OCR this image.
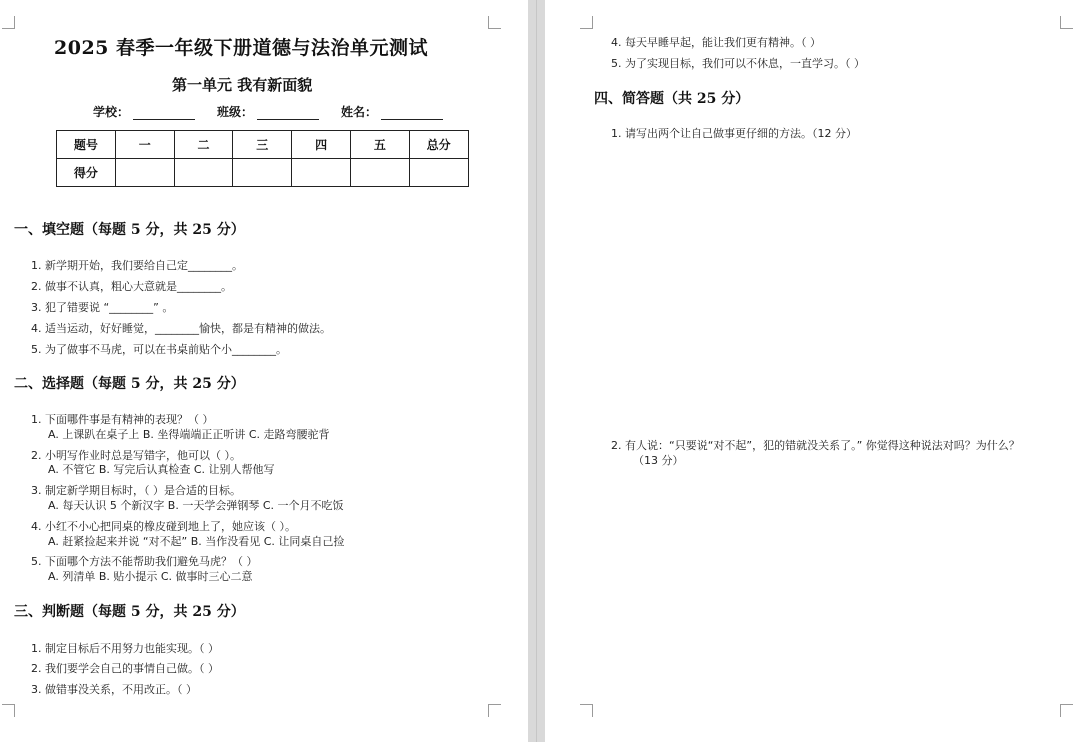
2025 春季一年级下册道德与法治单元测试
第一单元 我有新面貌
学校：	班级：	姓名：
题号	一	二	三	四	五	总分
得分						
一、填空题（每题 5 分，共 25 分）
1. 新学期开始，我们要给自己定________。
2. 做事不认真，粗心大意就是________。
3. 犯了错要说 “________” 。
4. 适当运动，好好睡觉，________愉快，都是有精神的做法。
5. 为了做事不马虎，可以在书桌前贴个小________。
二、选择题（每题 5 分，共 25 分）
1. 下面哪件事是有精神的表现？（ ）
A. 上课趴在桌子上 B. 坐得端端正正听讲 C. 走路弯腰驼背
2. 小明写作业时总是写错字，他可以（ ）。
A. 不管它 B. 写完后认真检查 C. 让别人帮他写
3. 制定新学期目标时，（ ）是合适的目标。
A. 每天认识 5 个新汉字 B. 一天学会弹钢琴 C. 一个月不吃饭
4. 小红不小心把同桌的橡皮碰到地上了，她应该（ ）。
A. 赶紧捡起来并说 “对不起” B. 当作没看见 C. 让同桌自己捡
5. 下面哪个方法不能帮助我们避免马虎？（ ）
A. 列清单 B. 贴小提示 C. 做事时三心二意
三、判断题（每题 5 分，共 25 分）
1. 制定目标后不用努力也能实现。（ ）
2. 我们要学会自己的事情自己做。（ ）
3. 做错事没关系，不用改正。（ ）
4. 每天早睡早起，能让我们更有精神。（ ）
5. 为了实现目标，我们可以不休息，一直学习。（ ）
四、简答题（共 25 分）
1. 请写出两个让自己做事更仔细的方法。（12 分）
2. 有人说：“只要说“对不起”，犯的错就没关系了。” 你觉得这种说法对吗？为什么？
（13 分）
